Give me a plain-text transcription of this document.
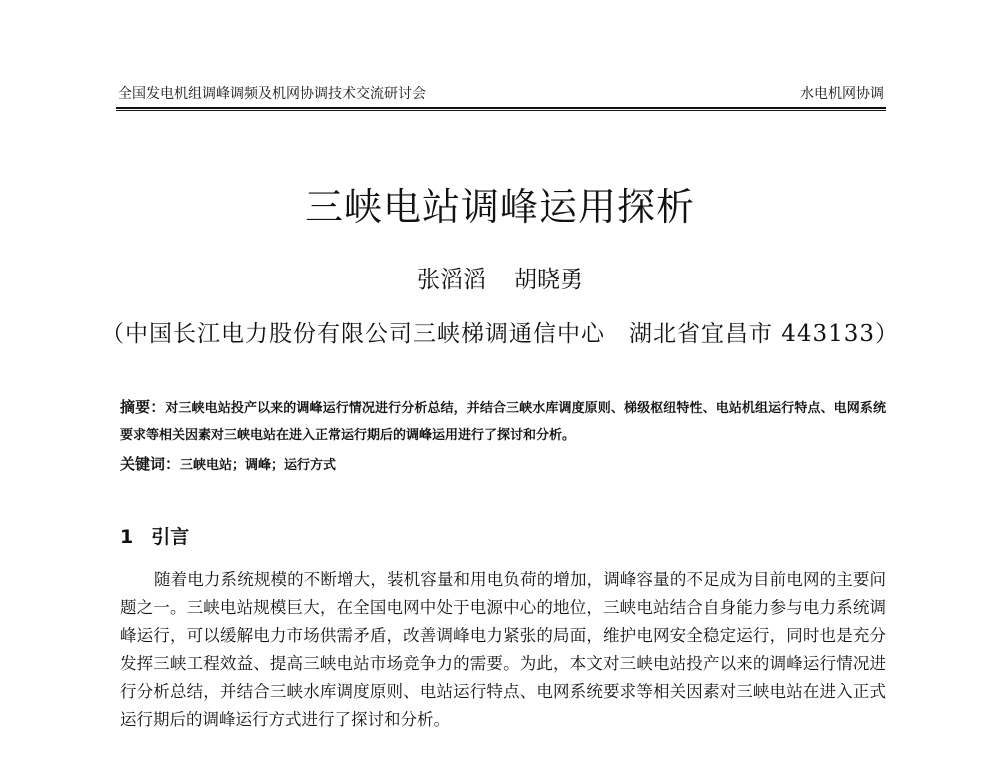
全国发电机组调峰调频及机网协调技术交流研讨会	水电机网协调
三峡电站调峰运用探析
张滔滔 胡晓勇
（中国长江电力股份有限公司三峡梯调通信中心　湖北省宜昌市 443133）
摘要：对三峡电站投产以来的调峰运行情况进行分析总结，并结合三峡水库调度原则、梯级枢纽特性、电站机组运行特点、电网系统要求等相关因素对三峡电站在进入正常运行期后的调峰运用进行了探讨和分析。
关键词：三峡电站；调峰；运行方式
1 引言
随着电力系统规模的不断增大，装机容量和用电负荷的增加，调峰容量的不足成为目前电网的主要问题之一。三峡电站规模巨大，在全国电网中处于电源中心的地位，三峡电站结合自身能力参与电力系统调峰运行，可以缓解电力市场供需矛盾，改善调峰电力紧张的局面，维护电网安全稳定运行，同时也是充分发挥三峡工程效益、提高三峡电站市场竞争力的需要。为此，本文对三峡电站投产以来的调峰运行情况进行分析总结，并结合三峡水库调度原则、电站运行特点、电网系统要求等相关因素对三峡电站在进入正式运行期后的调峰运行方式进行了探讨和分析。
